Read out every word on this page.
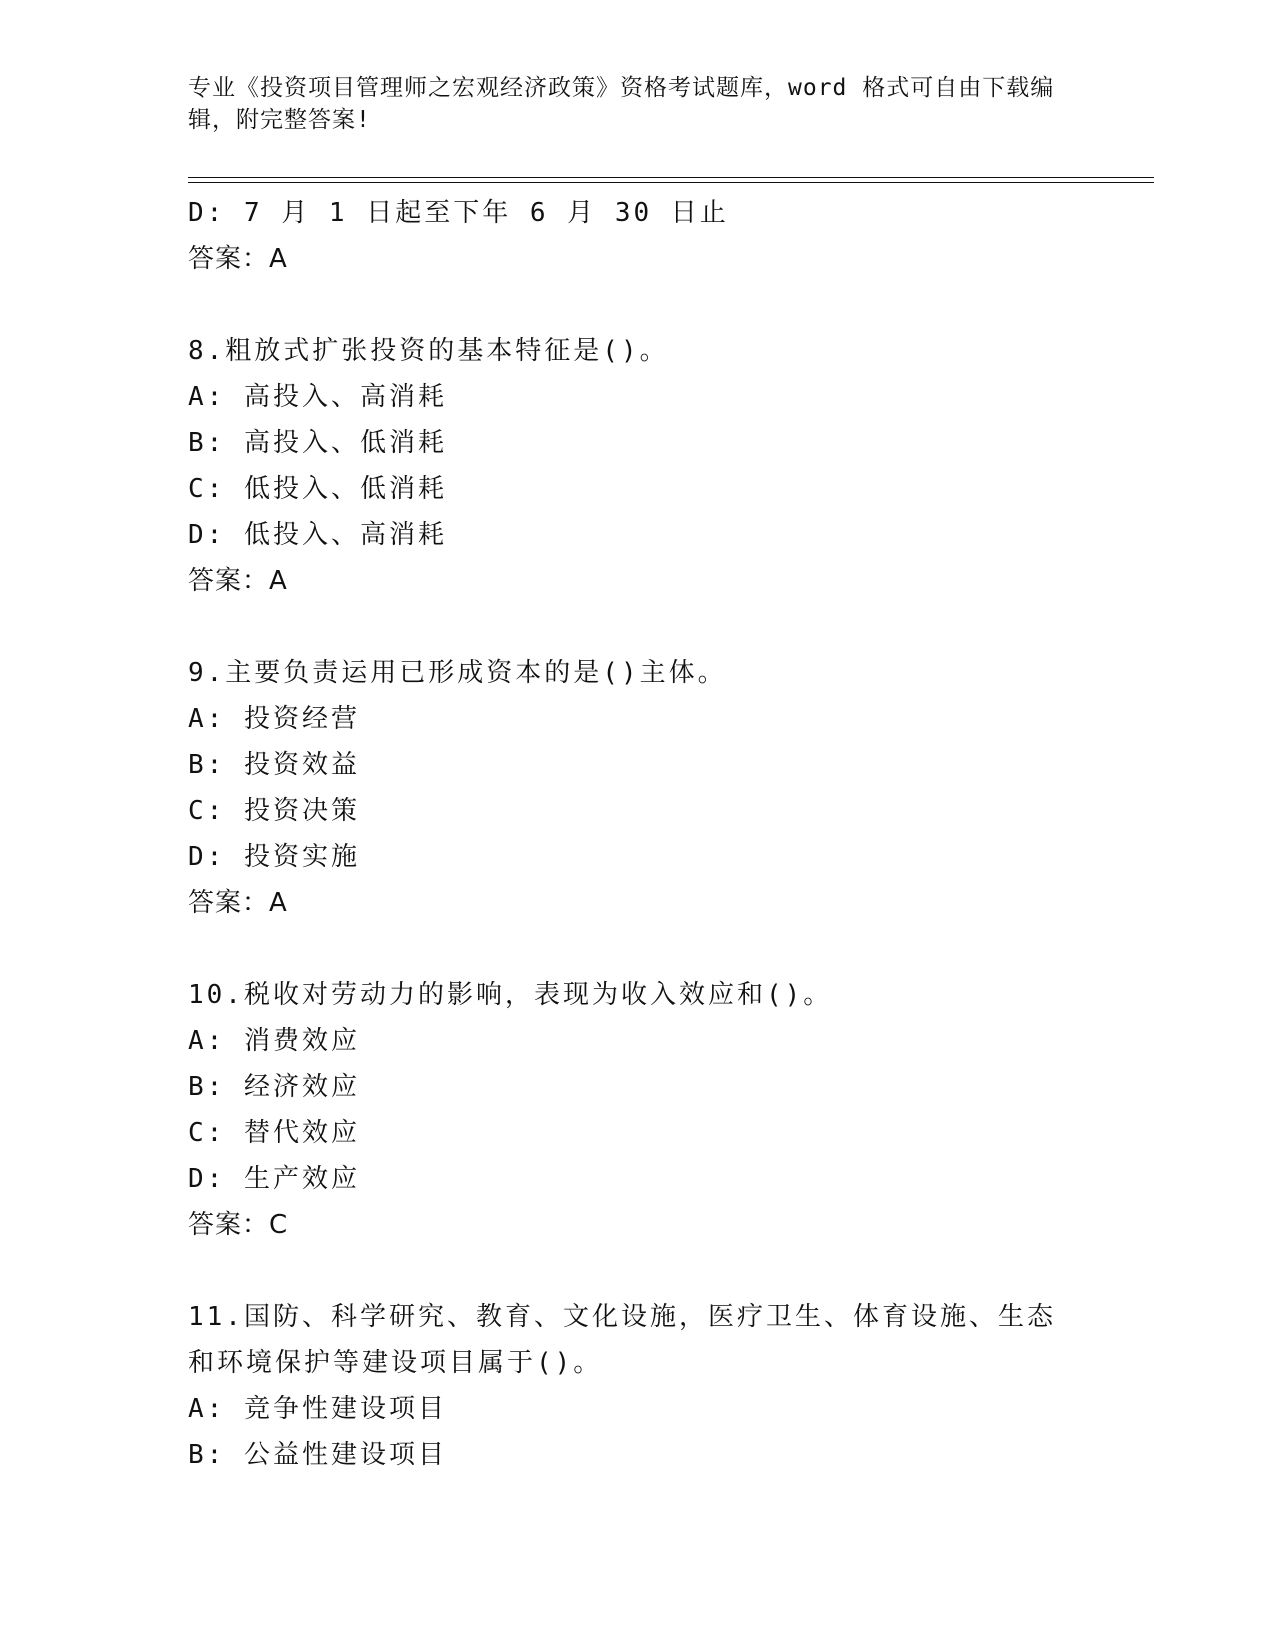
专业《投资项目管理师之宏观经济政策》资格考试题库，word 格式可自由下载编辑，附完整答案!
D: 7 月 1 日起至下年 6 月 30 日止
答案：A
8.粗放式扩张投资的基本特征是()。
A: 高投入、高消耗
B: 高投入、低消耗
C: 低投入、低消耗
D: 低投入、高消耗
答案：A
9.主要负责运用已形成资本的是()主体。
A: 投资经营
B: 投资效益
C: 投资决策
D: 投资实施
答案：A
10.税收对劳动力的影响，表现为收入效应和()。
A: 消费效应
B: 经济效应
C: 替代效应
D: 生产效应
答案：C
11.国防、科学研究、教育、文化设施，医疗卫生、体育设施、生态和环境保护等建设项目属于()。
A: 竞争性建设项目
B: 公益性建设项目
